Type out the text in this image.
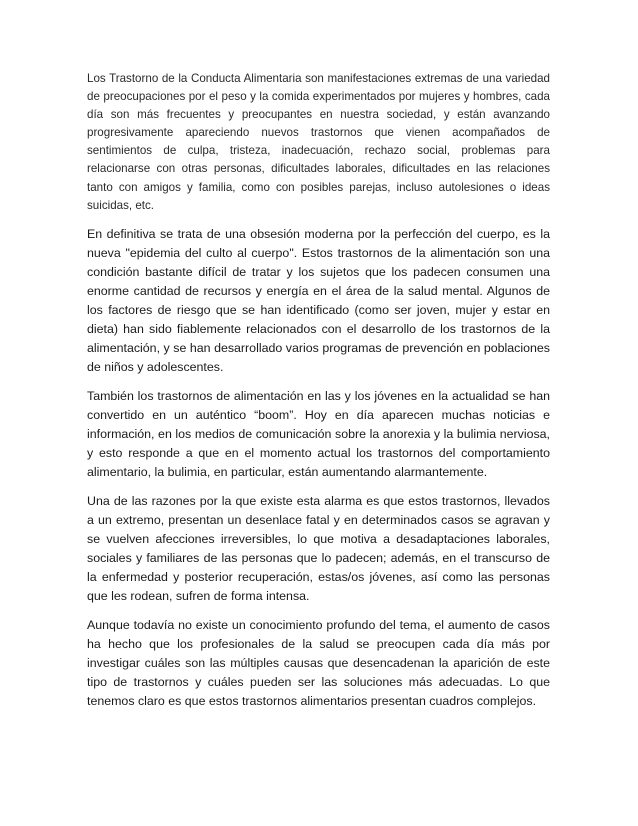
Los Trastorno de la Conducta Alimentaria son manifestaciones extremas de una variedad de preocupaciones por el peso y la comida experimentados por mujeres y hombres, cada día son más frecuentes y preocupantes en nuestra sociedad, y están avanzando progresivamente apareciendo nuevos trastornos que vienen acompañados de sentimientos de culpa, tristeza, inadecuación, rechazo social, problemas para relacionarse con otras personas, dificultades laborales, dificultades en las relaciones tanto con amigos y familia, como con posibles parejas, incluso autolesiones o ideas suicidas, etc.

En definitiva se trata de una obsesión moderna por la perfección del cuerpo, es la nueva "epidemia del culto al cuerpo". Estos trastornos de la alimentación son una condición bastante difícil de tratar y los sujetos que los padecen consumen una enorme cantidad de recursos y energía en el área de la salud mental. Algunos de los factores de riesgo que se han identificado (como ser joven, mujer y estar en dieta) han sido fiablemente relacionados con el desarrollo de los trastornos de la alimentación, y se han desarrollado varios programas de prevención en poblaciones de niños y adolescentes.

También los trastornos de alimentación en las y los jóvenes en la actualidad se han convertido en un auténtico “boom”. Hoy en día aparecen muchas noticias e información, en los medios de comunicación sobre la anorexia y la bulimia nerviosa, y esto responde a que en el momento actual los trastornos del comportamiento alimentario, la bulimia, en particular, están aumentando alarmantemente.

Una de las razones por la que existe esta alarma es que estos trastornos, llevados a un extremo, presentan un desenlace fatal y en determinados casos se agravan y se vuelven afecciones irreversibles, lo que motiva a desadaptaciones laborales, sociales y familiares de las personas que lo padecen; además, en el transcurso de la enfermedad y posterior recuperación, estas/os jóvenes, así como las personas que les rodean, sufren de forma intensa.

Aunque todavía no existe un conocimiento profundo del tema, el aumento de casos ha hecho que los profesionales de la salud se preocupen cada día más por investigar cuáles son las múltiples causas que desencadenan la aparición de este tipo de trastornos y cuáles pueden ser las soluciones más adecuadas. Lo que tenemos claro es que estos trastornos alimentarios presentan cuadros complejos.
